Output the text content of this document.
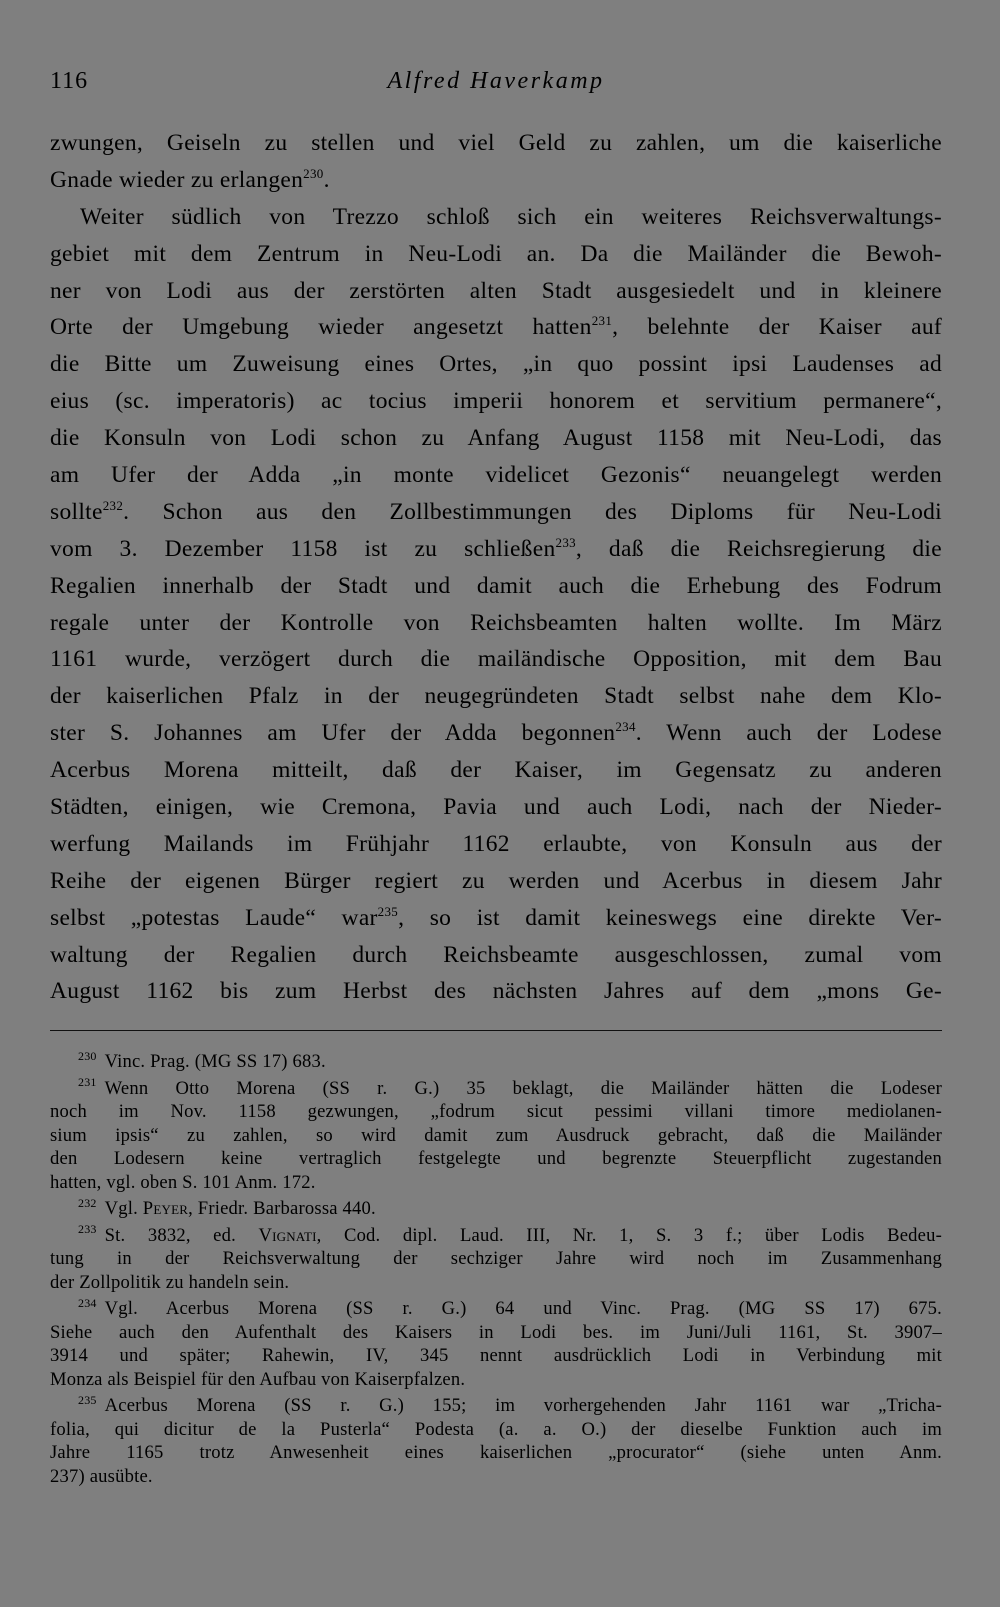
116	Alfred Haverkamp
zwungen, Geiseln zu stellen und viel Geld zu zahlen, um die kaiserliche
Gnade wieder zu erlangen$^{230}$.
Weiter südlich von Trezzo schloß sich ein weiteres Reichsverwaltungs-
gebiet mit dem Zentrum in Neu-Lodi an. Da die Mailänder die Bewoh-
ner von Lodi aus der zerstörten alten Stadt ausgesiedelt und in kleinere
Orte der Umgebung wieder angesetzt hatten$^{231}$, belehnte der Kaiser auf
die Bitte um Zuweisung eines Ortes, „in quo possint ipsi Laudenses ad
eius (sc. imperatoris) ac tocius imperii honorem et servitium permanere“,
die Konsuln von Lodi schon zu Anfang August 1158 mit Neu-Lodi, das
am Ufer der Adda „in monte videlicet Gezonis“ neuangelegt werden
sollte$^{232}$. Schon aus den Zollbestimmungen des Diploms für Neu-Lodi
vom 3. Dezember 1158 ist zu schließen$^{233}$, daß die Reichsregierung die
Regalien innerhalb der Stadt und damit auch die Erhebung des Fodrum
regale unter der Kontrolle von Reichsbeamten halten wollte. Im März
1161 wurde, verzögert durch die mailändische Opposition, mit dem Bau
der kaiserlichen Pfalz in der neugegründeten Stadt selbst nahe dem Klo-
ster S. Johannes am Ufer der Adda begonnen$^{234}$. Wenn auch der Lodese
Acerbus Morena mitteilt, daß der Kaiser, im Gegensatz zu anderen
Städten, einigen, wie Cremona, Pavia und auch Lodi, nach der Nieder-
werfung Mailands im Frühjahr 1162 erlaubte, von Konsuln aus der
Reihe der eigenen Bürger regiert zu werden und Acerbus in diesem Jahr
selbst „potestas Laude“ war$^{235}$, so ist damit keineswegs eine direkte Ver-
waltung der Regalien durch Reichsbeamte ausgeschlossen, zumal vom
August 1162 bis zum Herbst des nächsten Jahres auf dem „mons Ge-
$^{230}$ Vinc. Prag. (MG SS 17) 683.
$^{231}$ Wenn Otto Morena (SS r. G.) 35 beklagt, die Mailänder hätten die Lodeser
noch im Nov. 1158 gezwungen, „fodrum sicut pessimi villani timore mediolanen-
sium ipsis“ zu zahlen, so wird damit zum Ausdruck gebracht, daß die Mailänder
den Lodesern keine vertraglich festgelegte und begrenzte Steuerpflicht zugestanden
hatten, vgl. oben S. 101 Anm. 172.
$^{232}$ Vgl. Peyer, Friedr. Barbarossa 440.
$^{233}$ St. 3832, ed. Vignati, Cod. dipl. Laud. III, Nr. 1, S. 3 f.; über Lodis Bedeu-
tung in der Reichsverwaltung der sechziger Jahre wird noch im Zusammenhang
der Zollpolitik zu handeln sein.
$^{234}$ Vgl. Acerbus Morena (SS r. G.) 64 und Vinc. Prag. (MG SS 17) 675.
Siehe auch den Aufenthalt des Kaisers in Lodi bes. im Juni/Juli 1161, St. 3907–
3914 und später; Rahewin, IV, 345 nennt ausdrücklich Lodi in Verbindung mit
Monza als Beispiel für den Aufbau von Kaiserpfalzen.
$^{235}$ Acerbus Morena (SS r. G.) 155; im vorhergehenden Jahr 1161 war „Tricha-
folia, qui dicitur de la Pusterla“ Podesta (a. a. O.) der dieselbe Funktion auch im
Jahre 1165 trotz Anwesenheit eines kaiserlichen „procurator“ (siehe unten Anm.
237) ausübte.
